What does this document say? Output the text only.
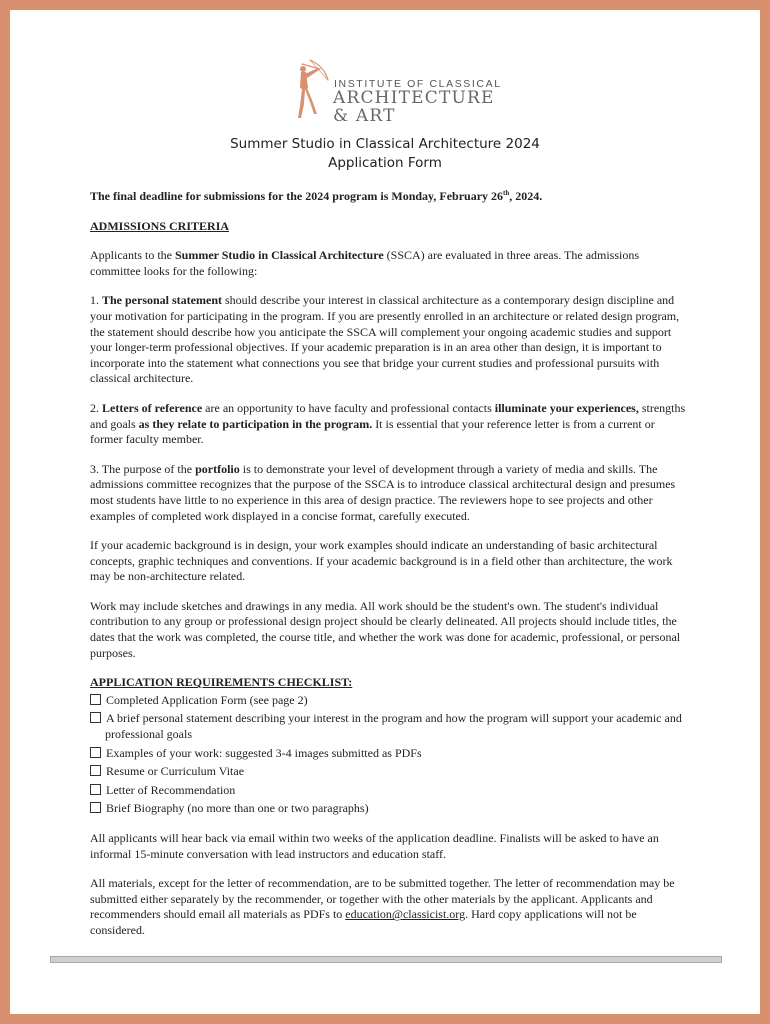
INSTITUTE OF CLASSICAL
ARCHITECTURE
& ART
Summer Studio in Classical Architecture 2024
Application Form

The final deadline for submissions for the 2024 program is Monday, February 26th, 2024.

ADMISSIONS CRITERIA

Applicants to the Summer Studio in Classical Architecture (SSCA) are evaluated in three areas. The admissions committee looks for the following:

1. The personal statement should describe your interest in classical architecture as a contemporary design discipline and your motivation for participating in the program. If you are presently enrolled in an architecture or related design program, the statement should describe how you anticipate the SSCA will complement your ongoing academic studies and support your longer-term professional objectives. If your academic preparation is in an area other than design, it is important to incorporate into the statement what connections you see that bridge your current studies and professional pursuits with classical architecture.

2. Letters of reference are an opportunity to have faculty and professional contacts illuminate your experiences, strengths and goals as they relate to participation in the program. It is essential that your reference letter is from a current or former faculty member.

3. The purpose of the portfolio is to demonstrate your level of development through a variety of media and skills. The admissions committee recognizes that the purpose of the SSCA is to introduce classical architectural design and presumes most students have little to no experience in this area of design practice. The reviewers hope to see projects and other examples of completed work displayed in a concise format, carefully executed.

If your academic background is in design, your work examples should indicate an understanding of basic architectural concepts, graphic techniques and conventions. If your academic background is in a field other than architecture, the work may be non-architecture related.

Work may include sketches and drawings in any media. All work should be the student's own. The student's individual contribution to any group or professional design project should be clearly delineated. All projects should include titles, the dates that the work was completed, the course title, and whether the work was done for academic, professional, or personal purposes.

APPLICATION REQUIREMENTS CHECKLIST:
Completed Application Form (see page 2)
A brief personal statement describing your interest in the program and how the program will support your academic and professional goals
Examples of your work: suggested 3-4 images submitted as PDFs
Resume or Curriculum Vitae
Letter of Recommendation
Brief Biography (no more than one or two paragraphs)

All applicants will hear back via email within two weeks of the application deadline. Finalists will be asked to have an informal 15-minute conversation with lead instructors and education staff.

All materials, except for the letter of recommendation, are to be submitted together. The letter of recommendation may be submitted either separately by the recommender, or together with the other materials by the applicant. Applicants and recommenders should email all materials as PDFs to education@classicist.org. Hard copy applications will not be considered.
